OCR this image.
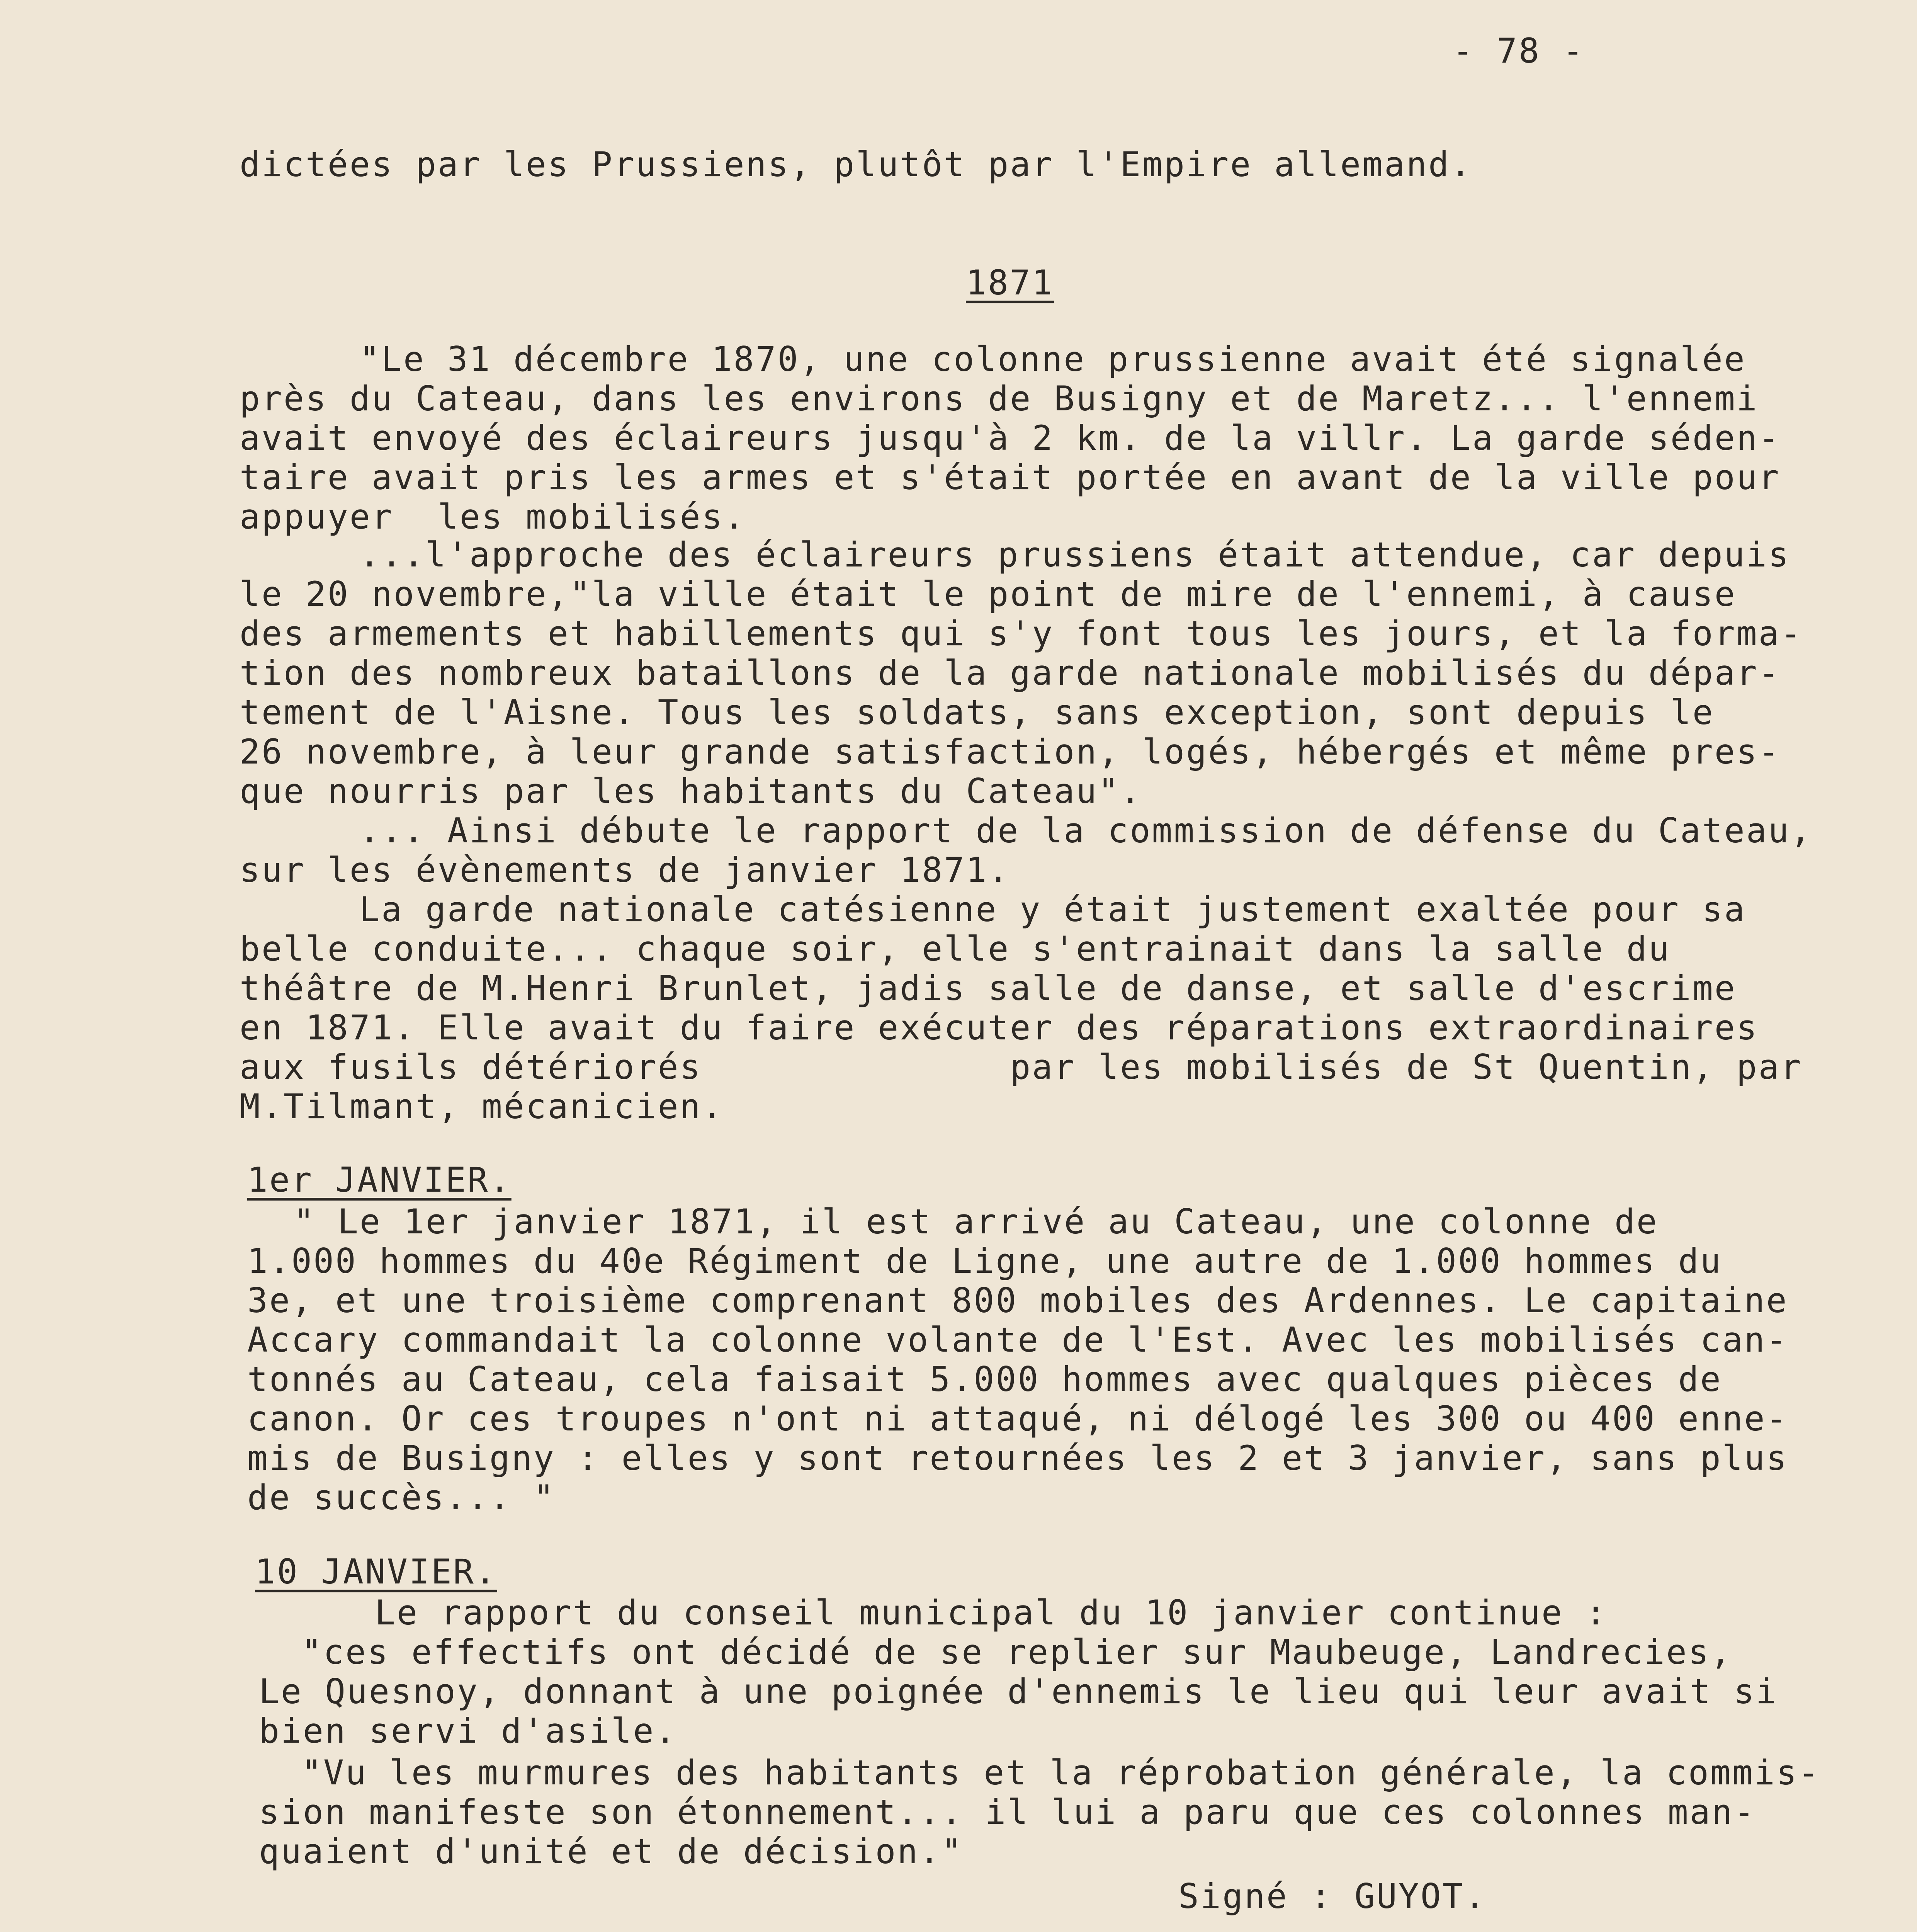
- 78 -
dictées par les Prussiens, plutôt par l'Empire allemand.
1871
"Le 31 décembre 1870, une colonne prussienne avait été signalée
près du Cateau, dans les environs de Busigny et de Maretz... l'ennemi
avait envoyé des éclaireurs jusqu'à 2 km. de la villr. La garde séden-
taire avait pris les armes et s'était portée en avant de la ville pour
appuyer  les mobilisés.
...l'approche des éclaireurs prussiens était attendue, car depuis
le 20 novembre,"la ville était le point de mire de l'ennemi, à cause
des armements et habillements qui s'y font tous les jours, et la forma-
tion des nombreux bataillons de la garde nationale mobilisés du dépar-
tement de l'Aisne. Tous les soldats, sans exception, sont depuis le
26 novembre, à leur grande satisfaction, logés, hébergés et même pres-
que nourris par les habitants du Cateau".
... Ainsi débute le rapport de la commission de défense du Cateau,
sur les évènements de janvier 1871.
La garde nationale catésienne y était justement exaltée pour sa
belle conduite... chaque soir, elle s'entrainait dans la salle du
théâtre de M.Henri Brunlet, jadis salle de danse, et salle d'escrime
en 1871. Elle avait du faire exécuter des réparations extraordinaires
aux fusils détériorés              par les mobilisés de St Quentin, par
M.Tilmant, mécanicien.
1er JANVIER.
" Le 1er janvier 1871, il est arrivé au Cateau, une colonne de
1.000 hommes du 40e Régiment de Ligne, une autre de 1.000 hommes du
3e, et une troisième comprenant 800 mobiles des Ardennes. Le capitaine
Accary commandait la colonne volante de l'Est. Avec les mobilisés can-
tonnés au Cateau, cela faisait 5.000 hommes avec qualques pièces de
canon. Or ces troupes n'ont ni attaqué, ni délogé les 300 ou 400 enne-
mis de Busigny : elles y sont retournées les 2 et 3 janvier, sans plus
de succès... "
10 JANVIER.
Le rapport du conseil municipal du 10 janvier continue :
"ces effectifs ont décidé de se replier sur Maubeuge, Landrecies,
Le Quesnoy, donnant à une poignée d'ennemis le lieu qui leur avait si
bien servi d'asile.
"Vu les murmures des habitants et la réprobation générale, la commis-
sion manifeste son étonnement... il lui a paru que ces colonnes man-
quaient d'unité et de décision."
Signé : GUYOT.
